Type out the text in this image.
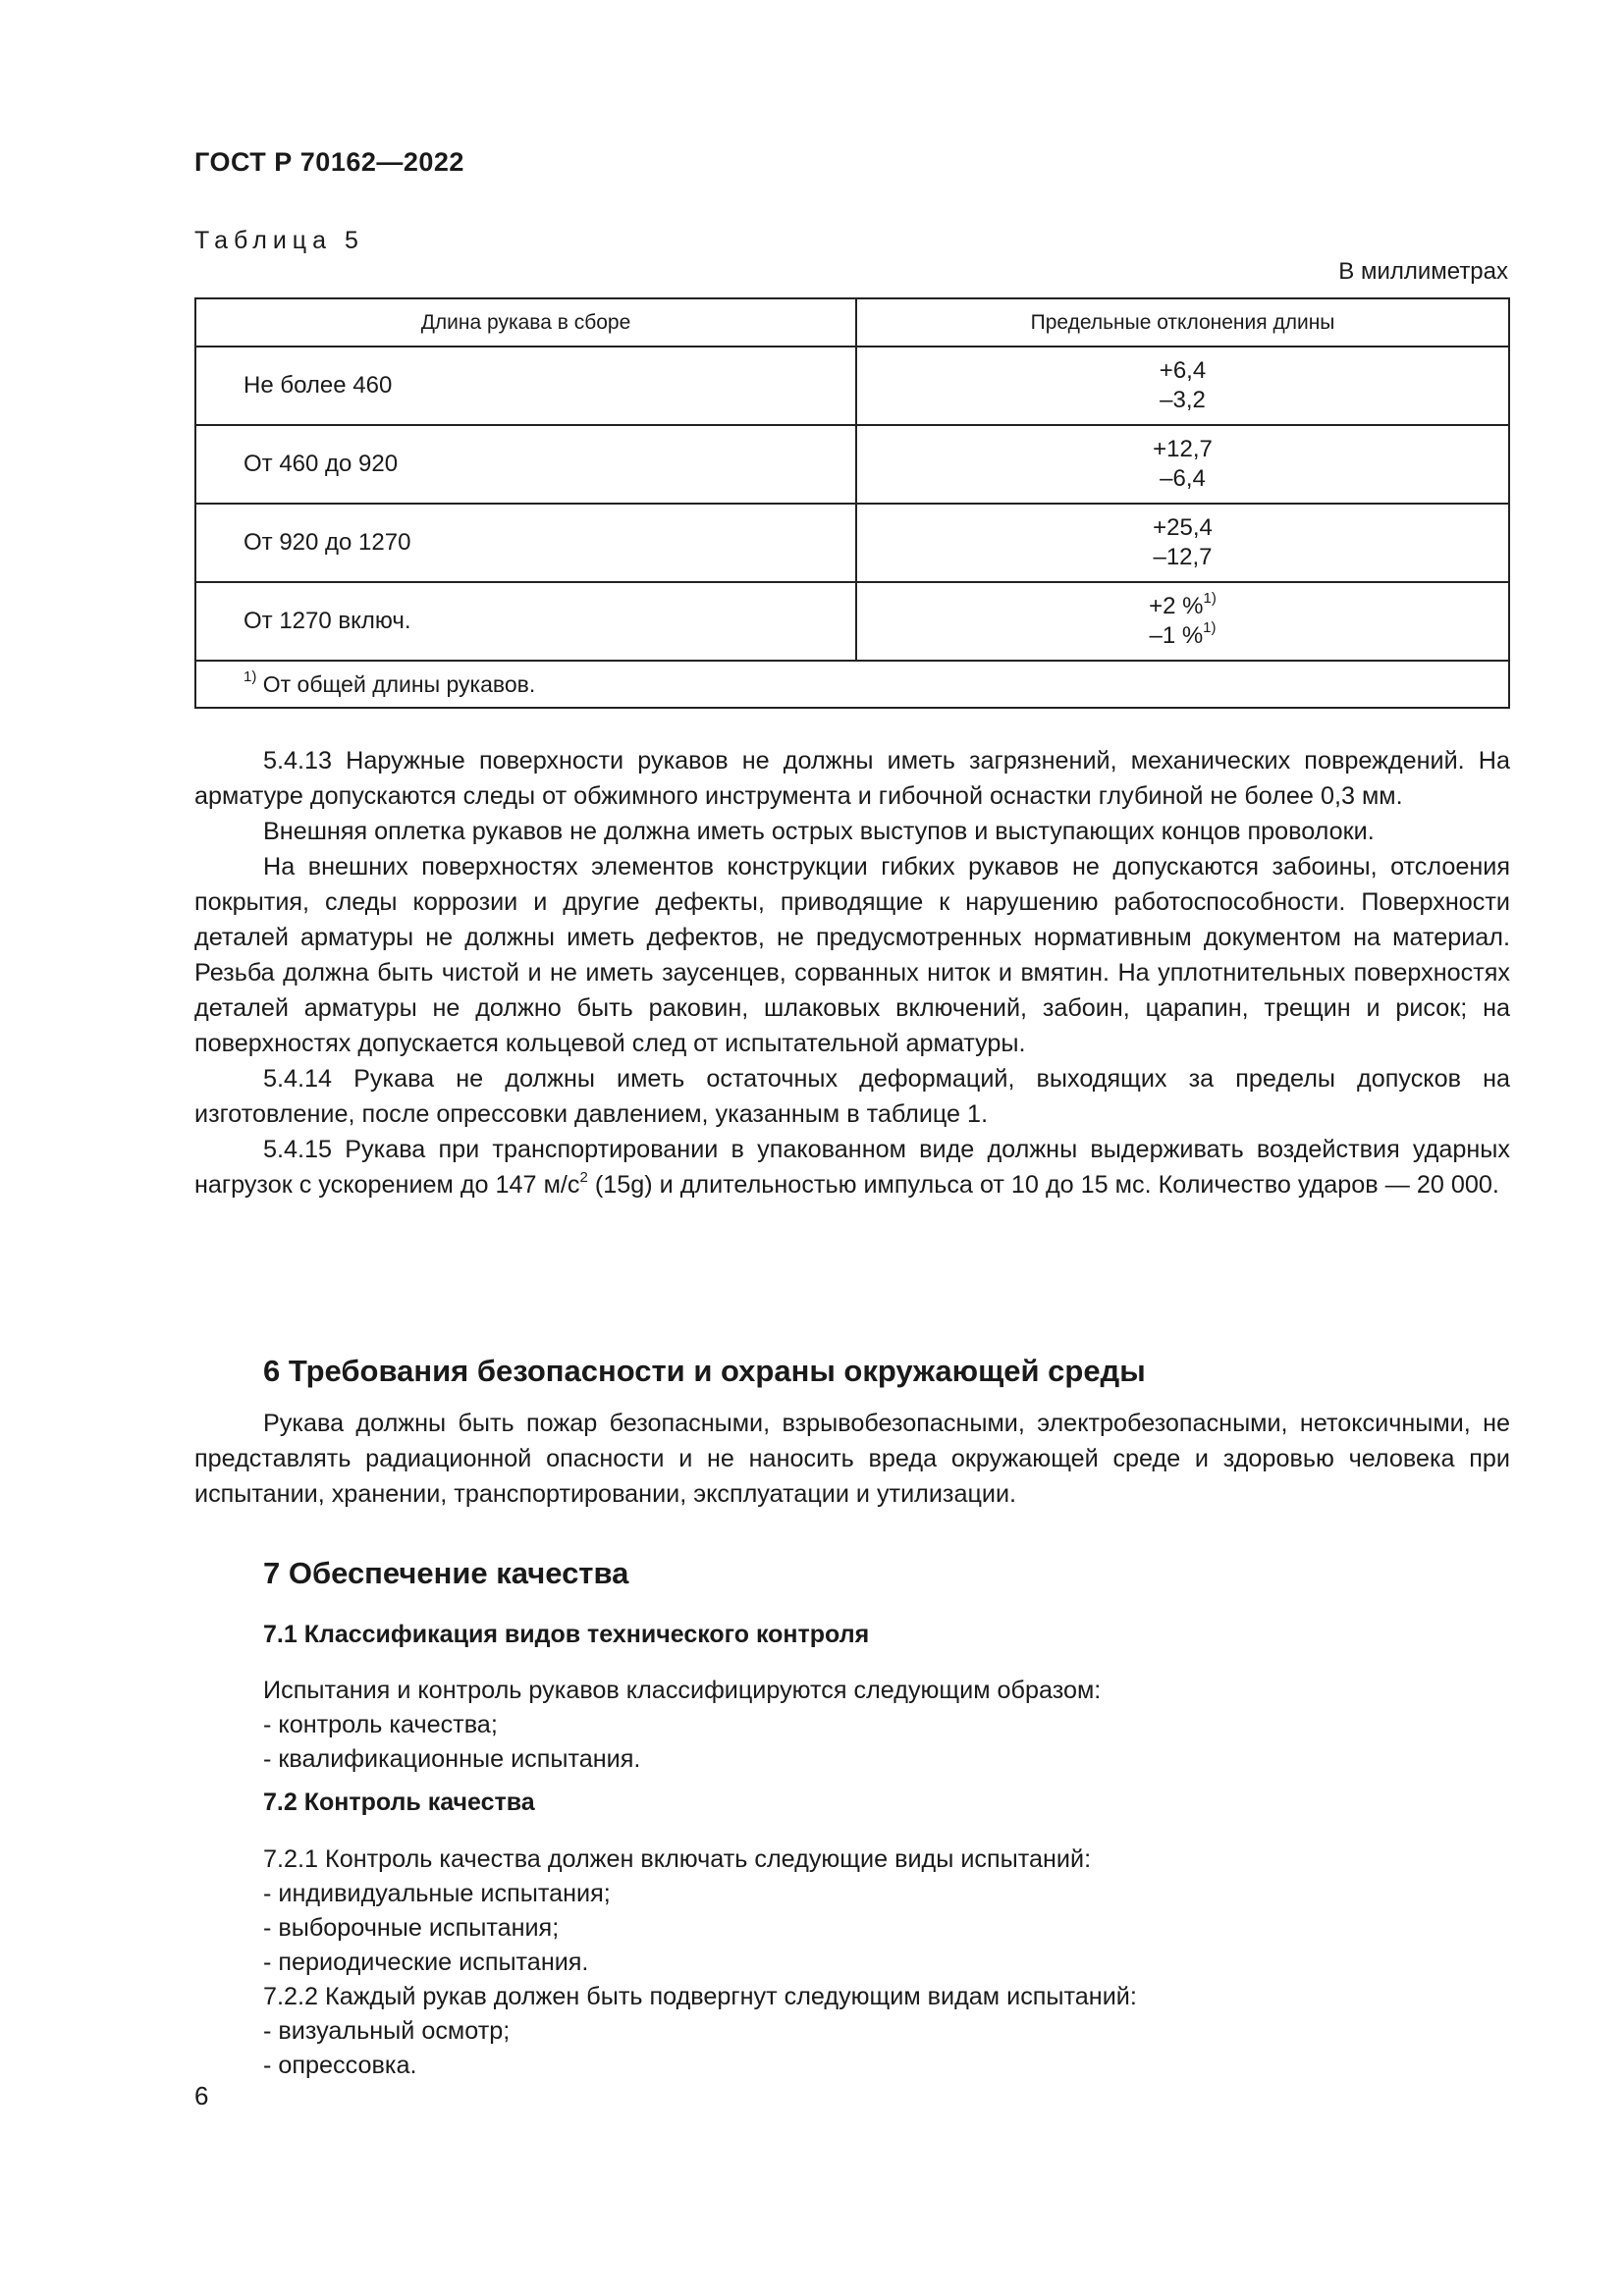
ГОСТ Р 70162—2022
Таблица 5
В миллиметрах
Длина рукава в сборе	Предельные отклонения длины
Не более 460	+6,4
–3,2

От 460 до 920	+12,7
–6,4

От 920 до 1270	+25,4
–12,7

От 1270 включ.	+2 %$^{1)}$
–1 %$^{1)}$

$^{1)}$ От общей длины рукавов.	

5.4.13 Наружные поверхности рукавов не должны иметь загрязнений, механических повреждений. На арматуре допускаются следы от обжимного инструмента и гибочной оснастки глубиной не более 0,3 мм.

Внешняя оплетка рукавов не должна иметь острых выступов и выступающих концов проволоки.

На внешних поверхностях элементов конструкции гибких рукавов не допускаются забоины, отслоения покрытия, следы коррозии и другие дефекты, приводящие к нарушению работоспособности. Поверхности деталей арматуры не должны иметь дефектов, не предусмотренных нормативным документом на материал. Резьба должна быть чистой и не иметь заусенцев, сорванных ниток и вмятин. На уплотнительных поверхностях деталей арматуры не должно быть раковин, шлаковых включений, забоин, царапин, трещин и рисок; на поверхностях допускается кольцевой след от испытательной арматуры.

5.4.14 Рукава не должны иметь остаточных деформаций, выходящих за пределы допусков на изготовление, после опрессовки давлением, указанным в таблице 1.

5.4.15 Рукава при транспортировании в упакованном виде должны выдерживать воздействия ударных нагрузок с ускорением до 147 $м/с^2$ (15g) и длительностью импульса от 10 до 15 мс. Количество ударов — 20 000.

6 Требования безопасности и охраны окружающей среды

Рукава должны быть пожар безопасными, взрывобезопасными, электробезопасными, нетоксичными, не представлять радиационной опасности и не наносить вреда окружающей среде и здоровью человека при испытании, хранении, транспортировании, эксплуатации и утилизации.

7 Обеспечение качества
7.1 Классификация видов технического контроля
Испытания и контроль рукавов классифицируются следующим образом:
- контроль качества;
- квалификационные испытания.
7.2 Контроль качества
7.2.1 Контроль качества должен включать следующие виды испытаний:
- индивидуальные испытания;
- выборочные испытания;
- периодические испытания.
7.2.2 Каждый рукав должен быть подвергнут следующим видам испытаний:
- визуальный осмотр;
- опрессовка.
6
